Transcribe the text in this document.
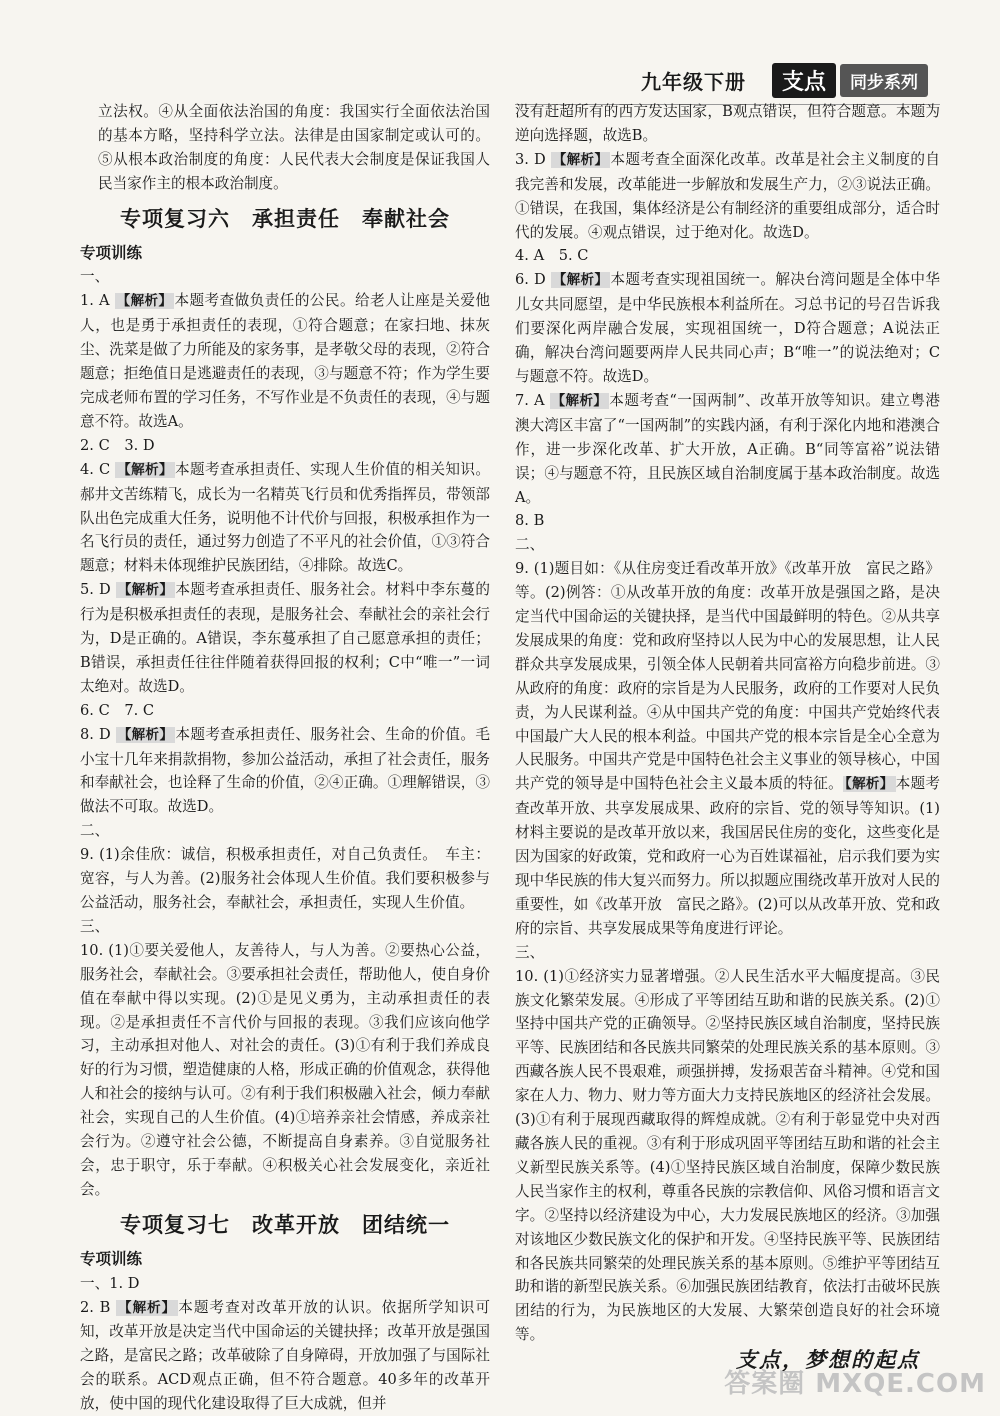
九年级下册	支点	同步系列

立法权。④从全面依法治国的角度：我国实行全面依法治国的基本方略，坚持科学立法。法律是由国家制定或认可的。⑤从根本政治制度的角度：人民代表大会制度是保证我国人民当家作主的根本政治制度。

专项复习六　承担责任　奉献社会
专项训练

一、

1. A 【解析】 本题考查做负责任的公民。给老人让座是关爱他人，也是勇于承担责任的表现，①符合题意；在家扫地、抹灰尘、洗菜是做了力所能及的家务事，是孝敬父母的表现，②符合题意；拒绝值日是逃避责任的表现，③与题意不符；作为学生要完成老师布置的学习任务，不写作业是不负责任的表现，④与题意不符。故选A。

2. C　3. D

4. C 【解析】 本题考查承担责任、实现人生价值的相关知识。郝井文苦练精飞，成长为一名精英飞行员和优秀指挥员，带领部队出色完成重大任务，说明他不计代价与回报，积极承担作为一名飞行员的责任，通过努力创造了不平凡的社会价值，①③符合题意；材料未体现维护民族团结，④排除。故选C。

5. D 【解析】 本题考查承担责任、服务社会。材料中李东蔓的行为是积极承担责任的表现，是服务社会、奉献社会的亲社会行为，D是正确的。A错误，李东蔓承担了自己愿意承担的责任；B错误，承担责任往往伴随着获得回报的权利；C中“唯一”一词太绝对。故选D。

6. C　7. C

8. D 【解析】 本题考查承担责任、服务社会、生命的价值。毛小宝十几年来捐款捐物，参加公益活动，承担了社会责任，服务和奉献社会，也诠释了生命的价值，②④正确。①理解错误，③做法不可取。故选D。

二、

9. (1)余佳欣：诚信，积极承担责任，对自己负责任。　车主：宽容，与人为善。(2)服务社会体现人生价值。我们要积极参与公益活动，服务社会，奉献社会，承担责任，实现人生价值。

三、

10. (1)①要关爱他人，友善待人，与人为善。②要热心公益，服务社会，奉献社会。③要承担社会责任，帮助他人，使自身价值在奉献中得以实现。(2)①是见义勇为，主动承担责任的表现。②是承担责任不言代价与回报的表现。③我们应该向他学习，主动承担对他人、对社会的责任。(3)①有利于我们养成良好的行为习惯，塑造健康的人格，形成正确的价值观念，获得他人和社会的接纳与认可。②有利于我们积极融入社会，倾力奉献社会，实现自己的人生价值。(4)①培养亲社会情感，养成亲社会行为。②遵守社会公德，不断提高自身素养。③自觉服务社会，忠于职守，乐于奉献。④积极关心社会发展变化，亲近社会。

专项复习七　改革开放　团结统一
专项训练

一、1. D

2. B 【解析】 本题考查对改革开放的认识。依据所学知识可知，改革开放是决定当代中国命运的关键抉择；改革开放是强国之路，是富民之路；改革破除了自身障碍，开放加强了与国际社会的联系。ACD观点正确，但不符合题意。40多年的改革开放，使中国的现代化建设取得了巨大成就，但并

没有赶超所有的西方发达国家，B观点错误，但符合题意。本题为逆向选择题，故选B。

3. D 【解析】 本题考查全面深化改革。改革是社会主义制度的自我完善和发展，改革能进一步解放和发展生产力，②③说法正确。①错误，在我国，集体经济是公有制经济的重要组成部分，适合时代的发展。④观点错误，过于绝对化。故选D。

4. A　5. C

6. D 【解析】 本题考查实现祖国统一。解决台湾问题是全体中华儿女共同愿望，是中华民族根本利益所在。习总书记的号召告诉我们要深化两岸融合发展，实现祖国统一，D符合题意；A说法正确，解决台湾问题要两岸人民共同心声；B“唯一”的说法绝对；C与题意不符。故选D。

7. A 【解析】 本题考查“一国两制”、改革开放等知识。建立粤港澳大湾区丰富了“一国两制”的实践内涵，有利于深化内地和港澳合作，进一步深化改革、扩大开放，A正确。B“同等富裕”说法错误；④与题意不符，且民族区域自治制度属于基本政治制度。故选A。

8. B

二、

9. (1)题目如：《从住房变迁看改革开放》《改革开放　富民之路》等。(2)例答：①从改革开放的角度：改革开放是强国之路，是决定当代中国命运的关键抉择，是当代中国最鲜明的特色。②从共享发展成果的角度：党和政府坚持以人民为中心的发展思想，让人民群众共享发展成果，引领全体人民朝着共同富裕方向稳步前进。③从政府的角度：政府的宗旨是为人民服务，政府的工作要对人民负责，为人民谋利益。④从中国共产党的角度：中国共产党始终代表中国最广大人民的根本利益。中国共产党的根本宗旨是全心全意为人民服务。中国共产党是中国特色社会主义事业的领导核心，中国共产党的领导是中国特色社会主义最本质的特征。 【解析】 本题考查改革开放、共享发展成果、政府的宗旨、党的领导等知识。(1)材料主要说的是改革开放以来，我国居民住房的变化，这些变化是因为国家的好政策，党和政府一心为百姓谋福祉，启示我们要为实现中华民族的伟大复兴而努力。所以拟题应围绕改革开放对人民的重要性，如《改革开放　富民之路》。(2)可以从改革开放、党和政府的宗旨、共享发展成果等角度进行评论。

三、

10. (1)①经济实力显著增强。②人民生活水平大幅度提高。③民族文化繁荣发展。④形成了平等团结互助和谐的民族关系。(2)①坚持中国共产党的正确领导。②坚持民族区域自治制度，坚持民族平等、民族团结和各民族共同繁荣的处理民族关系的基本原则。③西藏各族人民不畏艰难，顽强拼搏，发扬艰苦奋斗精神。④党和国家在人力、物力、财力等方面大力支持民族地区的经济社会发展。(3)①有利于展现西藏取得的辉煌成就。②有利于彰显党中央对西藏各族人民的重视。③有利于形成巩固平等团结互助和谐的社会主义新型民族关系等。(4)①坚持民族区域自治制度，保障少数民族人民当家作主的权利，尊重各民族的宗教信仰、风俗习惯和语言文字。②坚持以经济建设为中心，大力发展民族地区的经济。③加强对该地区少数民族文化的保护和开发。④坚持民族平等、民族团结和各民族共同繁荣的处理民族关系的基本原则。⑤维护平等团结互助和谐的新型民族关系。⑥加强民族团结教育，依法打击破坏民族团结的行为，为民族地区的大发展、大繁荣创造良好的社会环境等。

支点，梦想的起点
答案圈 MXQE.COM
